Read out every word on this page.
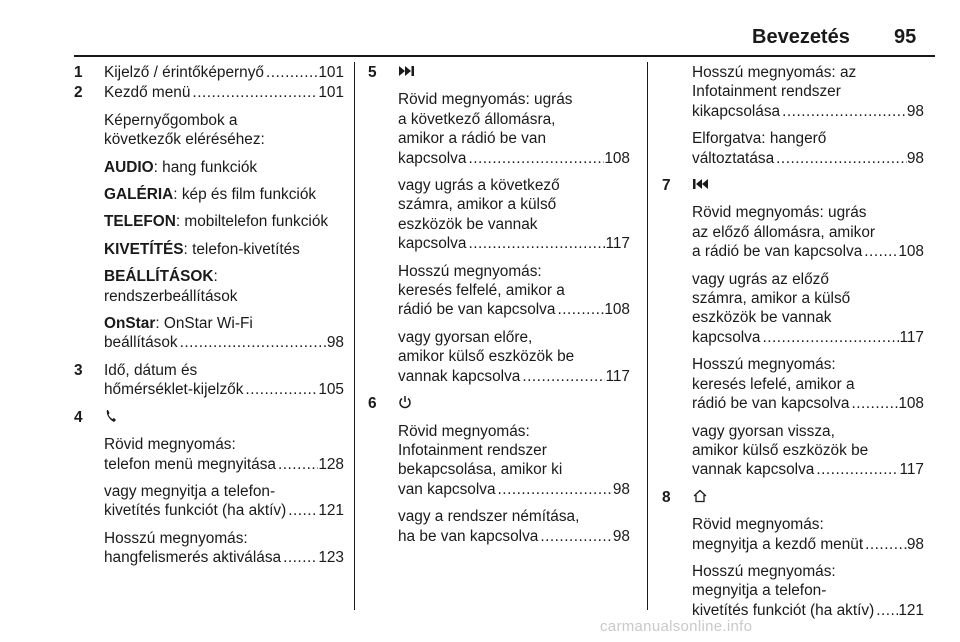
Bevezetés 95
1 Kijelző / érintőképernyő .....	101
2 Kezdő menü .....	101
Képernyőgombok a
következők eléréséhez:
AUDIO: hang funkciók
GALÉRIA: kép és film funkciók
TELEFON: mobiltelefon funkciók
KIVETÍTÉS: telefon-kivetítés
BEÁLLÍTÁSOK:
rendszerbeállítások
OnStar: OnStar Wi-Fi
beállítások .....	98
3 Idő, dátum és
hőmérséklet-kijelzők .....	105
4
Rövid megnyomás:
telefon menü megnyitása .....	128
vagy megnyitja a telefon-
kivetítés funkciót (ha aktív) ..... 121
Hosszú megnyomás:
hangfelismerés aktiválása ..... 123
5
Rövid megnyomás: ugrás
a következő állomásra,
amikor a rádió be van
kapcsolva .....	108
vagy ugrás a következő
számra, amikor a külső
eszközök be vannak
kapcsolva .....	117
Hosszú megnyomás:
keresés felfelé, amikor a
rádió be van kapcsolva .....	108
vagy gyorsan előre,
amikor külső eszközök be
vannak kapcsolva .....	117
6
Rövid megnyomás:
Infotainment rendszer
bekapcsolása, amikor ki
van kapcsolva .....	98
vagy a rendszer némítása,
ha be van kapcsolva .....	98
Hosszú megnyomás: az
Infotainment rendszer
kikapcsolása .....	98
Elforgatva: hangerő
változtatása .....	98
7
Rövid megnyomás: ugrás
az előző állomásra, amikor
a rádió be van kapcsolva ..... 108
vagy ugrás az előző
számra, amikor a külső
eszközök be vannak
kapcsolva .....	117
Hosszú megnyomás:
keresés lefelé, amikor a
rádió be van kapcsolva .....	108
vagy gyorsan vissza,
amikor külső eszközök be
vannak kapcsolva .....	117
8
Rövid megnyomás:
megnyitja a kezdő menüt .....	98
Hosszú megnyomás:
megnyitja a telefon-
kivetítés funkciót (ha aktív) ..... 121
carmanualsonline.info
